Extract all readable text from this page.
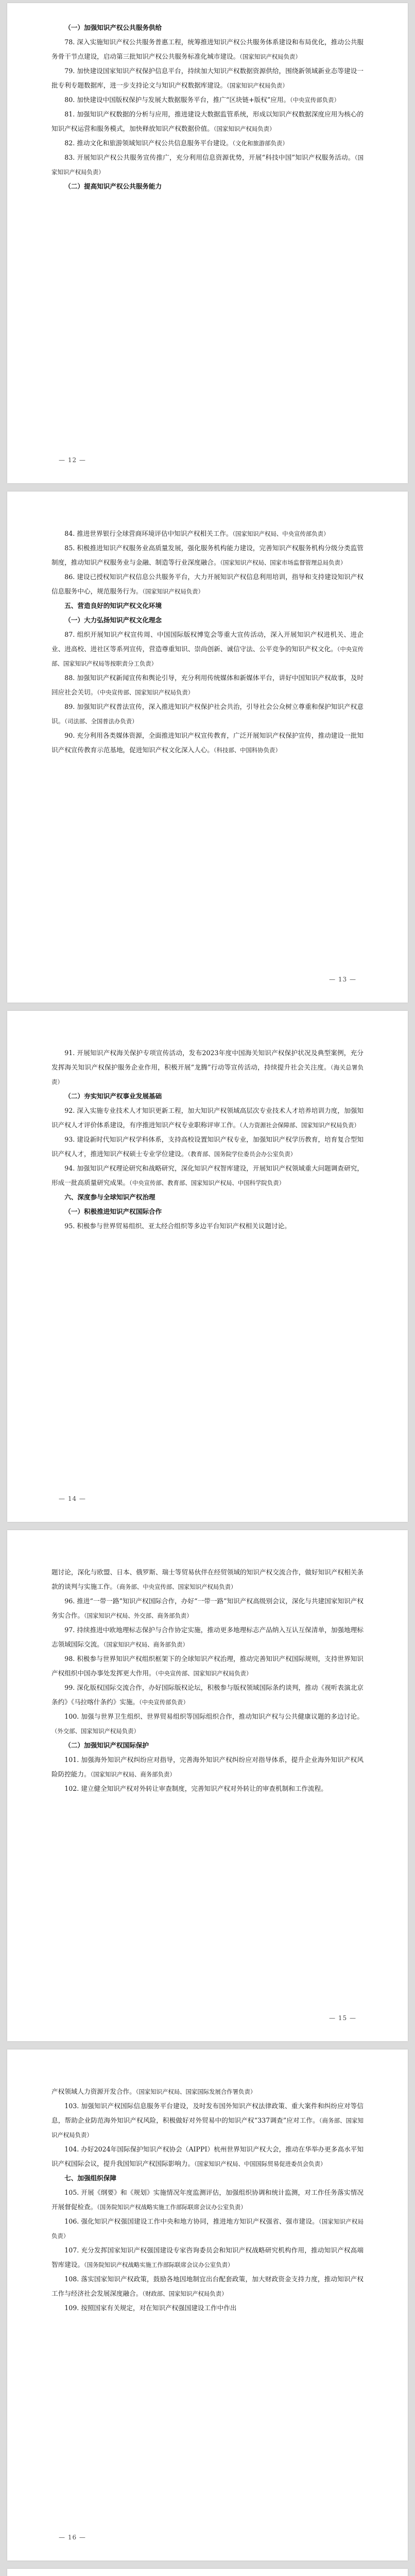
（一）加强知识产权公共服务供给
78. 深入实施知识产权公共服务普惠工程，统筹推进知识产权公共服务体系建设和布局优化，推动公共服务骨干节点建设，启动第三批知识产权公共服务标准化城市建设。（国家知识产权局负责）
79. 加快建设国家知识产权保护信息平台，持续加大知识产权数据资源供给，围绕新领域新业态等建设一批专利专题数据库，进一步支持论文与知识产权数据库建设。（国家知识产权局负责）
80. 加快建设中国版权保护与发展大数据服务平台，推广“区块链+版权”应用。（中央宣传部负责）
81. 加强知识产权数据的分析与应用，推进建设大数据监管系统，形成以知识产权数据深度应用为核心的知识产权运营和服务模式，加快释放知识产权数据价值。（国家知识产权局负责）
82. 推动文化和旅游领域知识产权公共信息服务平台建设。（文化和旅游部负责）
83. 开展知识产权公共服务宣传推广，充分利用信息资源优势，开展“科技中国”知识产权服务活动。（国家知识产权局负责）
（二）提高知识产权公共服务能力
— 12 —
84. 推进世界银行全球营商环境评估中知识产权相关工作。（国家知识产权局、中央宣传部负责）
85. 积极推进知识产权服务业高质量发展，强化服务机构能力建设，完善知识产权服务机构分级分类监管制度，推动知识产权服务业与金融、制造等行业深度融合。（国家知识产权局、国家市场监督管理总局负责）
86. 建设已授权知识产权信息公共服务平台，大力开展知识产权信息利用培训，指导和支持建设知识产权信息服务中心，规范服务行为。（国家知识产权局负责）
五、营造良好的知识产权文化环境
（一）大力弘扬知识产权文化理念
87. 组织开展知识产权宣传周、中国国际版权博览会等重大宣传活动，深入开展知识产权进机关、进企业、进高校、进社区等系列宣传，营造尊重知识、崇尚创新、诚信守法、公平竞争的知识产权文化。（中央宣传部、国家知识产权局等按职责分工负责）
88. 加强知识产权新闻宣传和舆论引导，充分利用传统媒体和新媒体平台，讲好中国知识产权故事，及时回应社会关切。（中央宣传部、国家知识产权局负责）
89. 加强知识产权普法宣传，深入推进知识产权保护社会共治，引导社会公众树立尊重和保护知识产权意识。（司法部、全国普法办负责）
90. 充分利用各类媒体资源，全面推进知识产权宣传教育，广泛开展知识产权保护宣传，推动建设一批知识产权宣传教育示范基地，促进知识产权文化深入人心。（科技部、中国科协负责）
— 13 —
91. 开展知识产权海关保护专项宣传活动，发布2023年度中国海关知识产权保护状况及典型案例，充分发挥海关知识产权保护服务企业作用，积极开展“龙腾”行动等宣传活动，持续提升社会关注度。（海关总署负责）
（二）夯实知识产权事业发展基础
92. 深入实施专业技术人才知识更新工程，加大知识产权领域高层次专业技术人才培养培训力度，加强知识产权人才评价体系建设，有序推进知识产权专业职称评审工作。（人力资源社会保障部、国家知识产权局负责）
93. 建设新时代知识产权学科体系，支持高校设置知识产权专业，加强知识产权学历教育，培育复合型知识产权人才，推进知识产权硕士专业学位建设。（教育部、国务院学位委员会办公室负责）
94. 加强知识产权理论研究和战略研究，深化知识产权智库建设，开展知识产权领域重大问题调查研究，形成一批高质量研究成果。（中央宣传部、教育部、国家知识产权局、中国科学院负责）
六、深度参与全球知识产权治理
（一）积极推进知识产权国际合作
95. 积极参与世界贸易组织、亚太经合组织等多边平台知识产权相关议题讨论。
— 14 —
题讨论，深化与欧盟、日本、俄罗斯、瑞士等贸易伙伴在经贸领域的知识产权交流合作，做好知识产权相关条款的谈判与实施工作。（商务部、中央宣传部、国家知识产权局负责）
96. 推进“一带一路”知识产权国际合作，办好“一带一路”知识产权高级别会议，深化与共建国家知识产权务实合作。（国家知识产权局、外交部、商务部负责）
97. 持续推进中欧地理标志保护与合作协定实施，推动更多地理标志产品纳入互认互保清单，加强地理标志领域国际交流。（国家知识产权局、商务部负责）
98. 积极参与世界知识产权组织框架下的全球知识产权治理，推动完善知识产权国际规则，支持世界知识产权组织中国办事处发挥更大作用。（中央宣传部、国家知识产权局负责）
99. 深化版权国际交流合作，办好国际版权论坛，积极参与版权领域国际条约谈判，推动《视听表演北京条约》《马拉喀什条约》实施。（中央宣传部负责）
100. 加强与世界卫生组织、世界贸易组织等国际组织合作，推动知识产权与公共健康议题的多边讨论。（外交部、国家知识产权局负责）
（二）加强知识产权国际保护
101. 加强海外知识产权纠纷应对指导，完善海外知识产权纠纷应对指导体系，提升企业海外知识产权风险防控能力。（国家知识产权局、商务部负责）
102. 建立健全知识产权对外转让审查制度，完善知识产权对外转让的审查机制和工作流程。
— 15 —
产权领域人力资源开发合作。（国家知识产权局、国家国际发展合作署负责）
103. 加强知识产权国际信息服务平台建设，及时发布国外知识产权法律政策、重大案件和纠纷应对等信息，帮助企业防范海外知识产权风险，积极做好对外贸易中的知识产权“337调查”应对工作。（商务部、国家知识产权局负责）
104. 办好2024年国际保护知识产权协会（AIPPI）杭州世界知识产权大会，推动在华举办更多高水平知识产权国际会议，提升我国知识产权国际影响力。（国家知识产权局、中国国际贸易促进委员会负责）
七、加强组织保障
105. 开展《纲要》和《规划》实施情况年度监测评估，加强组织协调和统计监测，对工作任务落实情况开展督促检查。（国务院知识产权战略实施工作部际联席会议办公室负责）
106. 强化知识产权强国建设工作中央和地方协同，推进地方知识产权强省、强市建设。（国家知识产权局负责）
107. 充分发挥国家知识产权强国建设专家咨询委员会和知识产权战略研究机构作用，推动知识产权高端智库建设。（国务院知识产权战略实施工作部际联席会议办公室负责）
108. 落实国家知识产权政策，鼓励各地因地制宜出台配套政策，加大财政资金支持力度，推动知识产权工作与经济社会发展深度融合。（财政部、国家知识产权局负责）
109. 按照国家有关规定，对在知识产权强国建设工作中作出
— 16 —
